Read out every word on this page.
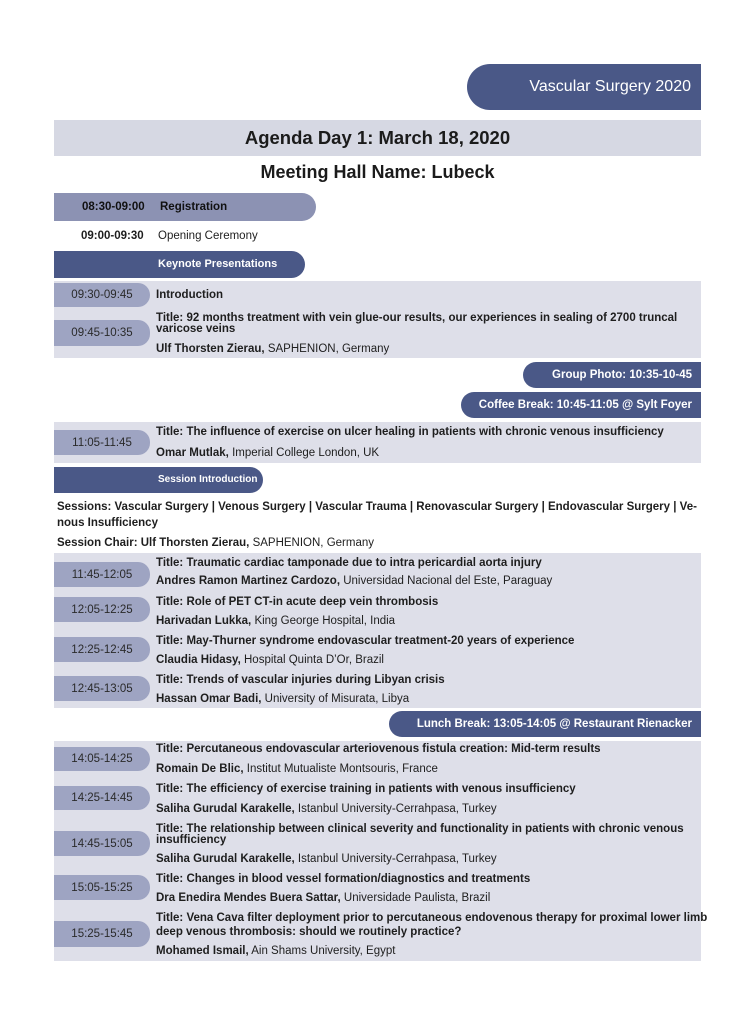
Vascular Surgery 2020
Agenda Day 1: March 18, 2020
Meeting Hall Name: Lubeck
08:30-09:00 Registration
09:00-09:30 Opening Ceremony
Keynote Presentations
09:30-09:45	Introduction
09:45-10:35
Title: 92 months treatment with vein glue-our results, our experiences in sealing of 2700 truncal
varicose veins
Ulf Thorsten Zierau, SAPHENION, Germany
Group Photo: 10:35-10-45
Coffee Break: 10:45-11:05 @ Sylt Foyer
11:05-11:45
Title: The influence of exercise on ulcer healing in patients with chronic venous insufficiency
Omar Mutlak, Imperial College London, UK
Session Introduction
Sessions: Vascular Surgery | Venous Surgery | Vascular Trauma | Renovascular Surgery | Endovascular Surgery | Ve-
nous Insufficiency
Session Chair: Ulf Thorsten Zierau, SAPHENION, Germany
11:45-12:05
Title: Traumatic cardiac tamponade due to intra pericardial aorta injury
Andres Ramon Martinez Cardozo, Universidad Nacional del Este, Paraguay
12:05-12:25
Title: Role of PET CT-in acute deep vein thrombosis
Harivadan Lukka, King George Hospital, India
12:25-12:45
Title: May-Thurner syndrome endovascular treatment-20 years of experience
Claudia Hidasy, Hospital Quinta D’Or, Brazil
12:45-13:05
Title: Trends of vascular injuries during Libyan crisis
Hassan Omar Badi, University of Misurata, Libya
Lunch Break: 13:05-14:05 @ Restaurant Rienacker
14:05-14:25
Title: Percutaneous endovascular arteriovenous fistula creation: Mid-term results
Romain De Blic, Institut Mutualiste Montsouris, France
14:25-14:45
Title: The efficiency of exercise training in patients with venous insufficiency
Saliha Gurudal Karakelle, Istanbul University-Cerrahpasa, Turkey
14:45-15:05
Title: The relationship between clinical severity and functionality in patients with chronic venous
insufficiency
Saliha Gurudal Karakelle, Istanbul University-Cerrahpasa, Turkey
15:05-15:25
Title: Changes in blood vessel formation/diagnostics and treatments
Dra Enedira Mendes Buera Sattar, Universidade Paulista, Brazil
15:25-15:45
Title: Vena Cava filter deployment prior to percutaneous endovenous therapy for proximal lower limb
deep venous thrombosis: should we routinely practice?
Mohamed Ismail, Ain Shams University, Egypt
